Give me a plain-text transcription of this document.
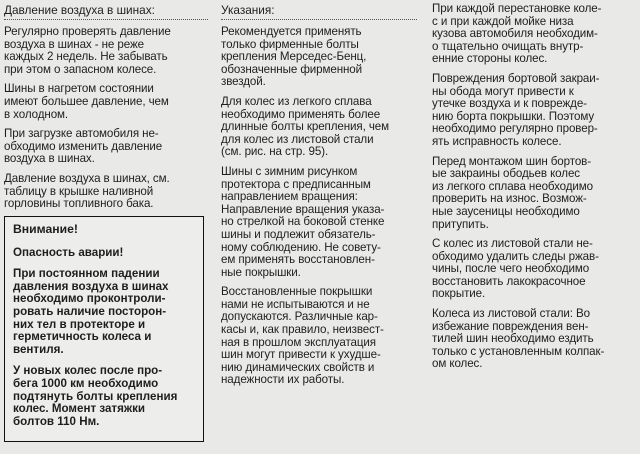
Давление воздуха в шинах:

Регулярно проверять давление
воздуха в шинах - не реже
каждых 2 недель. Не забывать
при этом о запасном колесе.

Шины в нагретом состоянии
имеют большее давление, чем
в холодном.

При загрузке автомобиля не-
обходимо изменить давление
воздуха в шинах.

Давление воздуха в шинах, см.
таблицу в крышке наливной
горловины топливного бака.

Внимание!

Опасность аварии!

При постоянном падении
давления воздуха в шинах
необходимо проконтроли-
ровать наличие посторон-
них тел в протекторе и
герметичность колеса и
вентиля.

У новых колес после про-
бега 1000 км необходимо
подтянуть болты крепления
колес. Момент затяжки
болтов 110 Нм.

Указания:

Рекомендуется применять
только фирменные болты
крепления Мерседес-Бенц,
обозначенные фирменной
звездой.

Для колес из легкого сплава
необходимо применять более
длинные болты крепления, чем
для колес из листовой стали
(см. рис. на стр. 95).

Шины с зимним рисунком
протектора с предписанным
направлением вращения:
Направление вращения указа-
но стрелкой на боковой стенке
шины и подлежит обязатель-
ному соблюдению. Не совету-
ем применять восстановлен-
ные покрышки.

Восстановленные покрышки
нами не испытываются и не
допускаются. Различные кар-
касы и, как правило, неизвест-
ная в прошлом эксплуатация
шин могут привести к ухудше-
нию динамических свойств и
надежности их работы.

При каждой перестановке коле-
с и при каждой мойке низа
кузова автомобиля необходим-
о тщательно очищать внутр-
енние стороны колес.

Повреждения бортовой закраи-
ны обода могут привести к
утечке воздуха и к поврежде-
нию борта покрышки. Поэтому
необходимо регулярно провер-
ять исправность колесе.

Перед монтажом шин бортов-
ые закраины ободьев колес
из легкого сплава необходимо
проверить на износ. Возмож-
ные заусеницы необходимо
притупить.

С колес из листовой стали не-
обходимо удалить следы ржав-
чины, после чего необходимо
восстановить лакокрасочное
покрытие.

Колеса из листовой стали: Во
избежание повреждения вен-
тилей шин необходимо ездить
только с установленным колпак-
ом колес.
